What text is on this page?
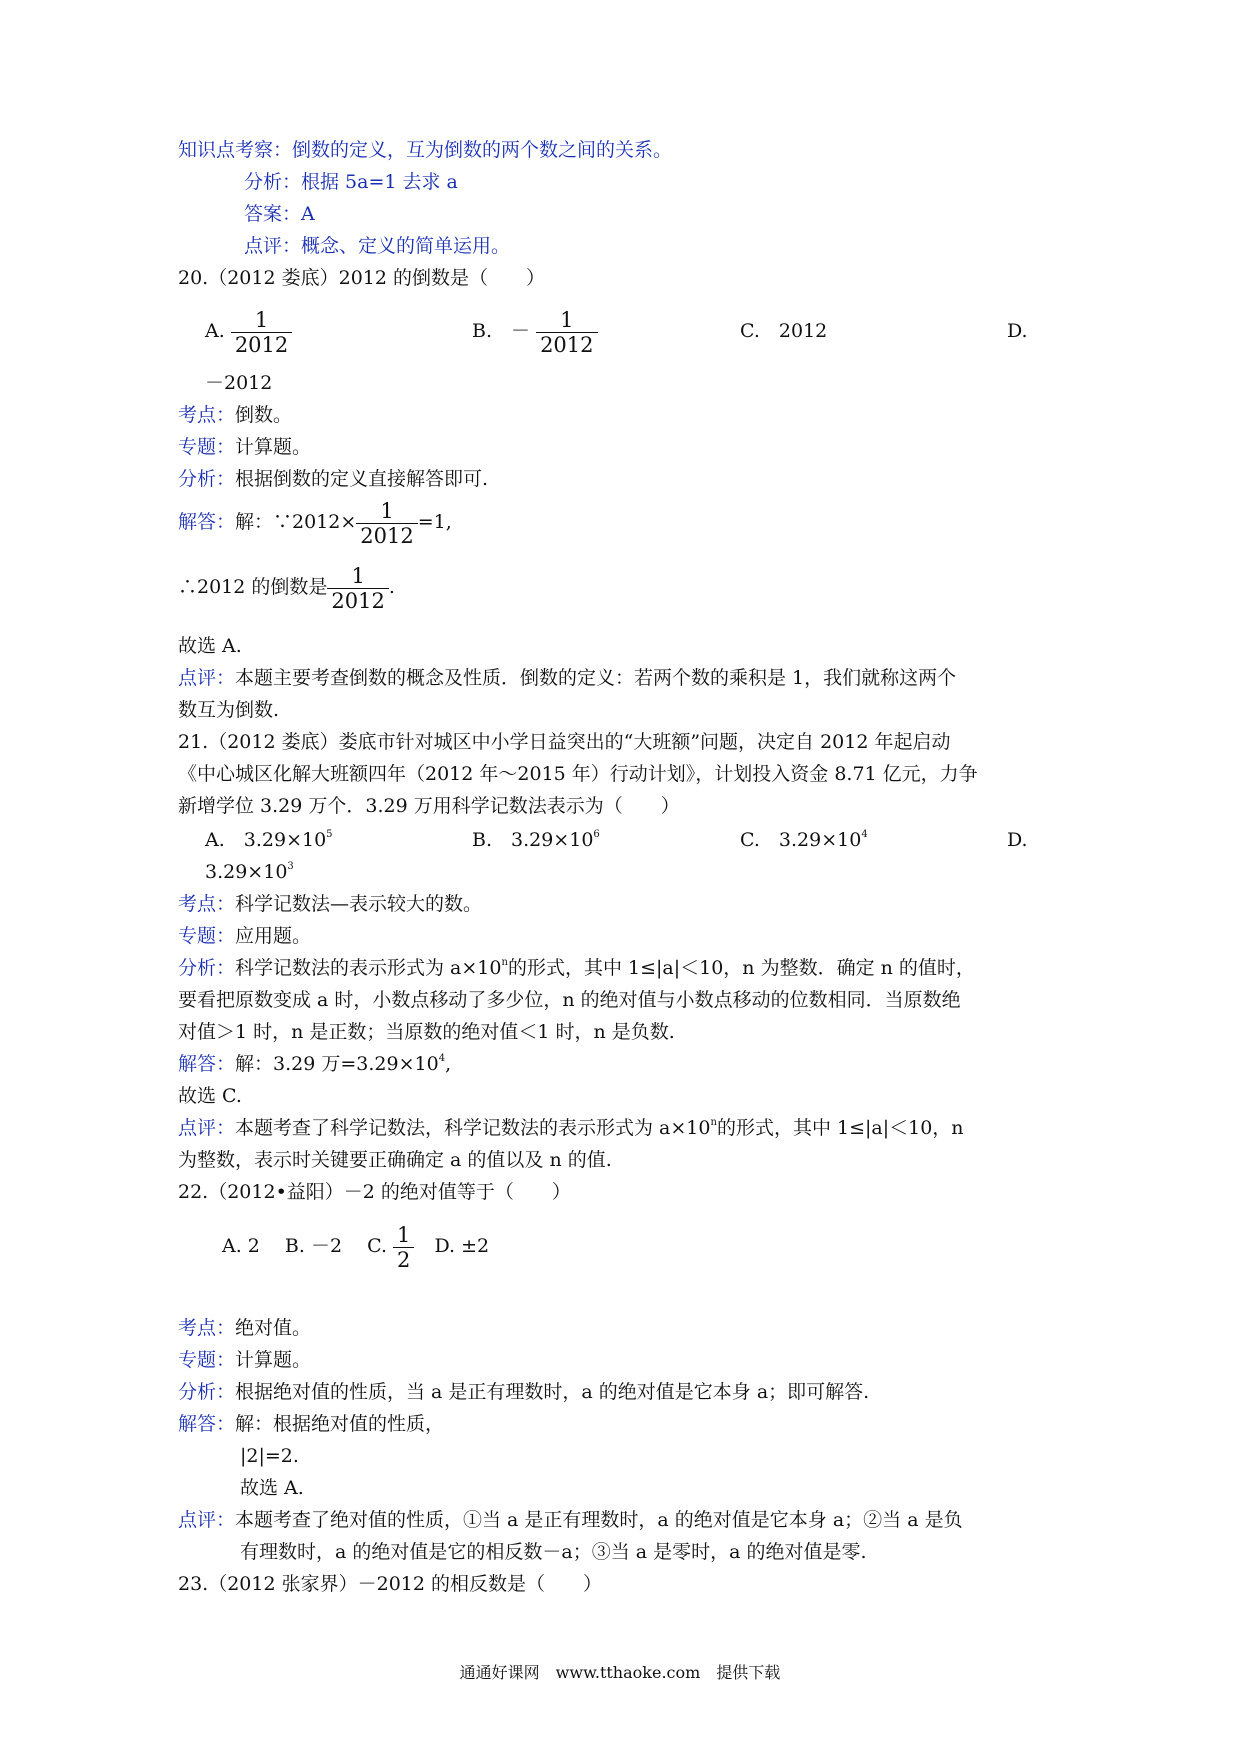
知识点考察：倒数的定义，互为倒数的两个数之间的关系。
分析：根据 5a=1 去求 a
答案：A
点评：概念、定义的简单运用。
20.（2012 娄底）2012 的倒数是（　　）
A. $\frac{1}{2012}$	B.　－ $\frac{1}{2012}$	C.　2012	D.
－2012
考点：倒数。
专题：计算题。
分析：根据倒数的定义直接解答即可.
解答：解：∵2012× $\frac{1}{2012} =1$,
∴2012 的倒数是 $\frac{1}{2012}$ .
故选 A.
点评：本题主要考查倒数的概念及性质．倒数的定义：若两个数的乘积是 1，我们就称这两个
数互为倒数.
21.（2012 娄底）娄底市针对城区中小学日益突出的“大班额”问题，决定自 2012 年起启动
《中心城区化解大班额四年（2012 年～2015 年）行动计划》，计划投入资金 8.71 亿元，力争
新增学位 3.29 万个．3.29 万用科学记数法表示为（　　）
A.　$3.29\times 10^5$	B.　$3.29\times 10^6$	C.　$3.29\times 10^4$	D.
$3.29\times 10^3$
考点：科学记数法—表示较大的数。
专题：应用题。
分析：科学记数法的表示形式为 $a\times 10^n$的形式，其中 1≤|a|＜10，n 为整数．确定 n 的值时，
要看把原数变成 a 时，小数点移动了多少位，n 的绝对值与小数点移动的位数相同．当原数绝
对值＞1 时，n 是正数；当原数的绝对值＜1 时，n 是负数.
解答：解：3.29 万$=3.29\times 10^4$,
故选 C.
点评：本题考查了科学记数法，科学记数法的表示形式为 $a\times 10^n$的形式，其中 1≤|a|＜10，n
为整数，表示时关键要正确确定 a 的值以及 n 的值.
22.（2012•益阳）－2 的绝对值等于（　　）
A. 2　 B. －2　 C. $\frac{1}{2} D$. ±2
考点：绝对值。
专题：计算题。
分析：根据绝对值的性质，当 a 是正有理数时，a 的绝对值是它本身 a；即可解答.
解答：解：根据绝对值的性质，
|2|=2.
故选 A.
点评：本题考查了绝对值的性质，①当 a 是正有理数时，a 的绝对值是它本身 a；②当 a 是负
有理数时，a 的绝对值是它的相反数－a；③当 a 是零时，a 的绝对值是零.
23.（2012 张家界）－2012 的相反数是（　　）
通通好课网　www.tthaoke.com　提供下载
